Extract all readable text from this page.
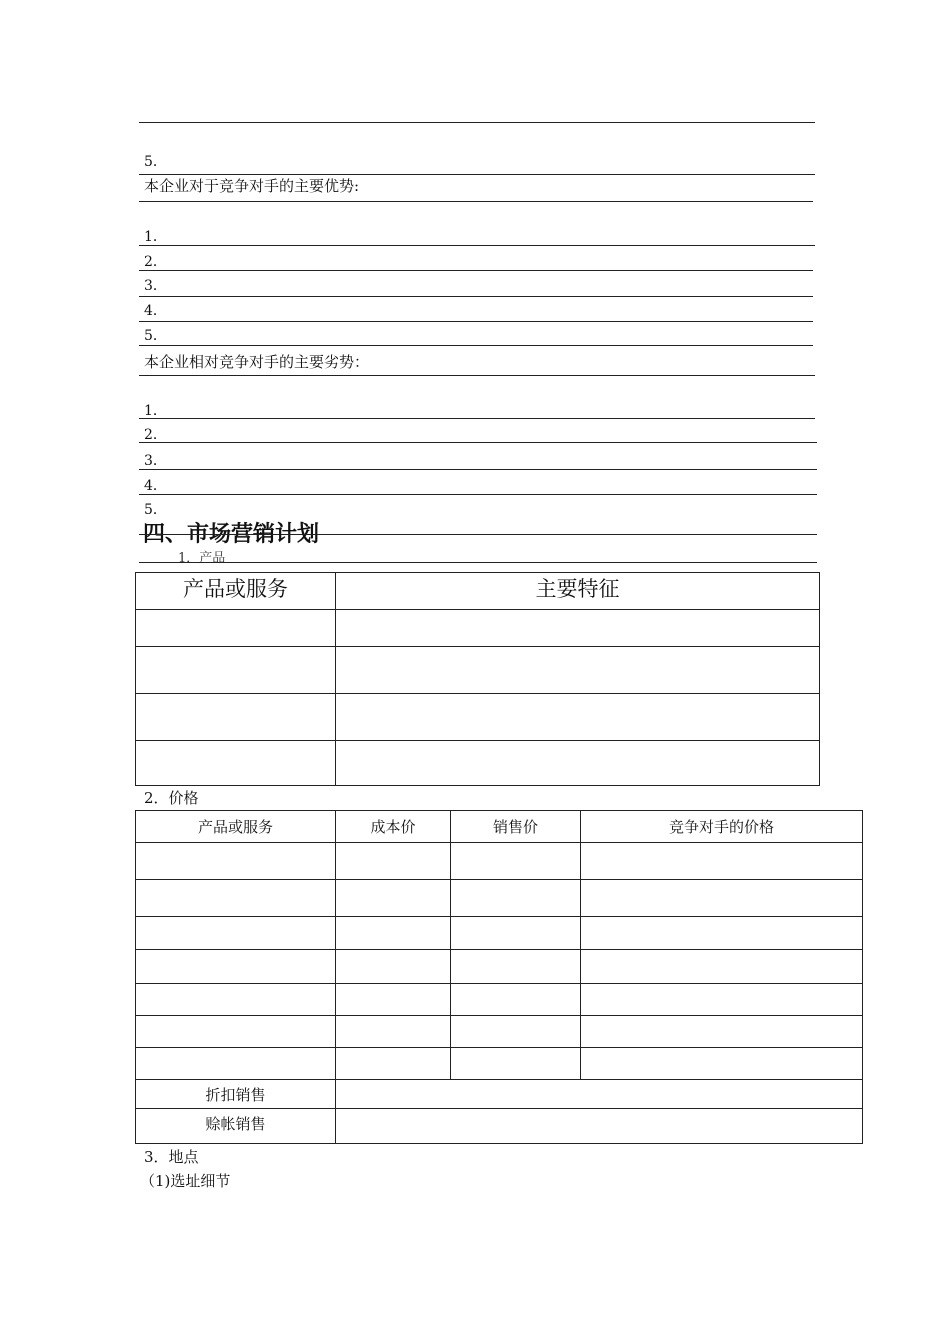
5．
本企业对于竞争对手的主要优势:
1．
2．
3．
4．
5．
本企业相对竞争对手的主要劣势：
1．
2．
3．
4．
5．
四、市场营销计划
1．产品
产品或服务	主要特征

2．价格
产品或服务	成本价	销售价	竞争对手的价格

折扣销售			
赊帐销售			
3．地点
（1)选址细节
